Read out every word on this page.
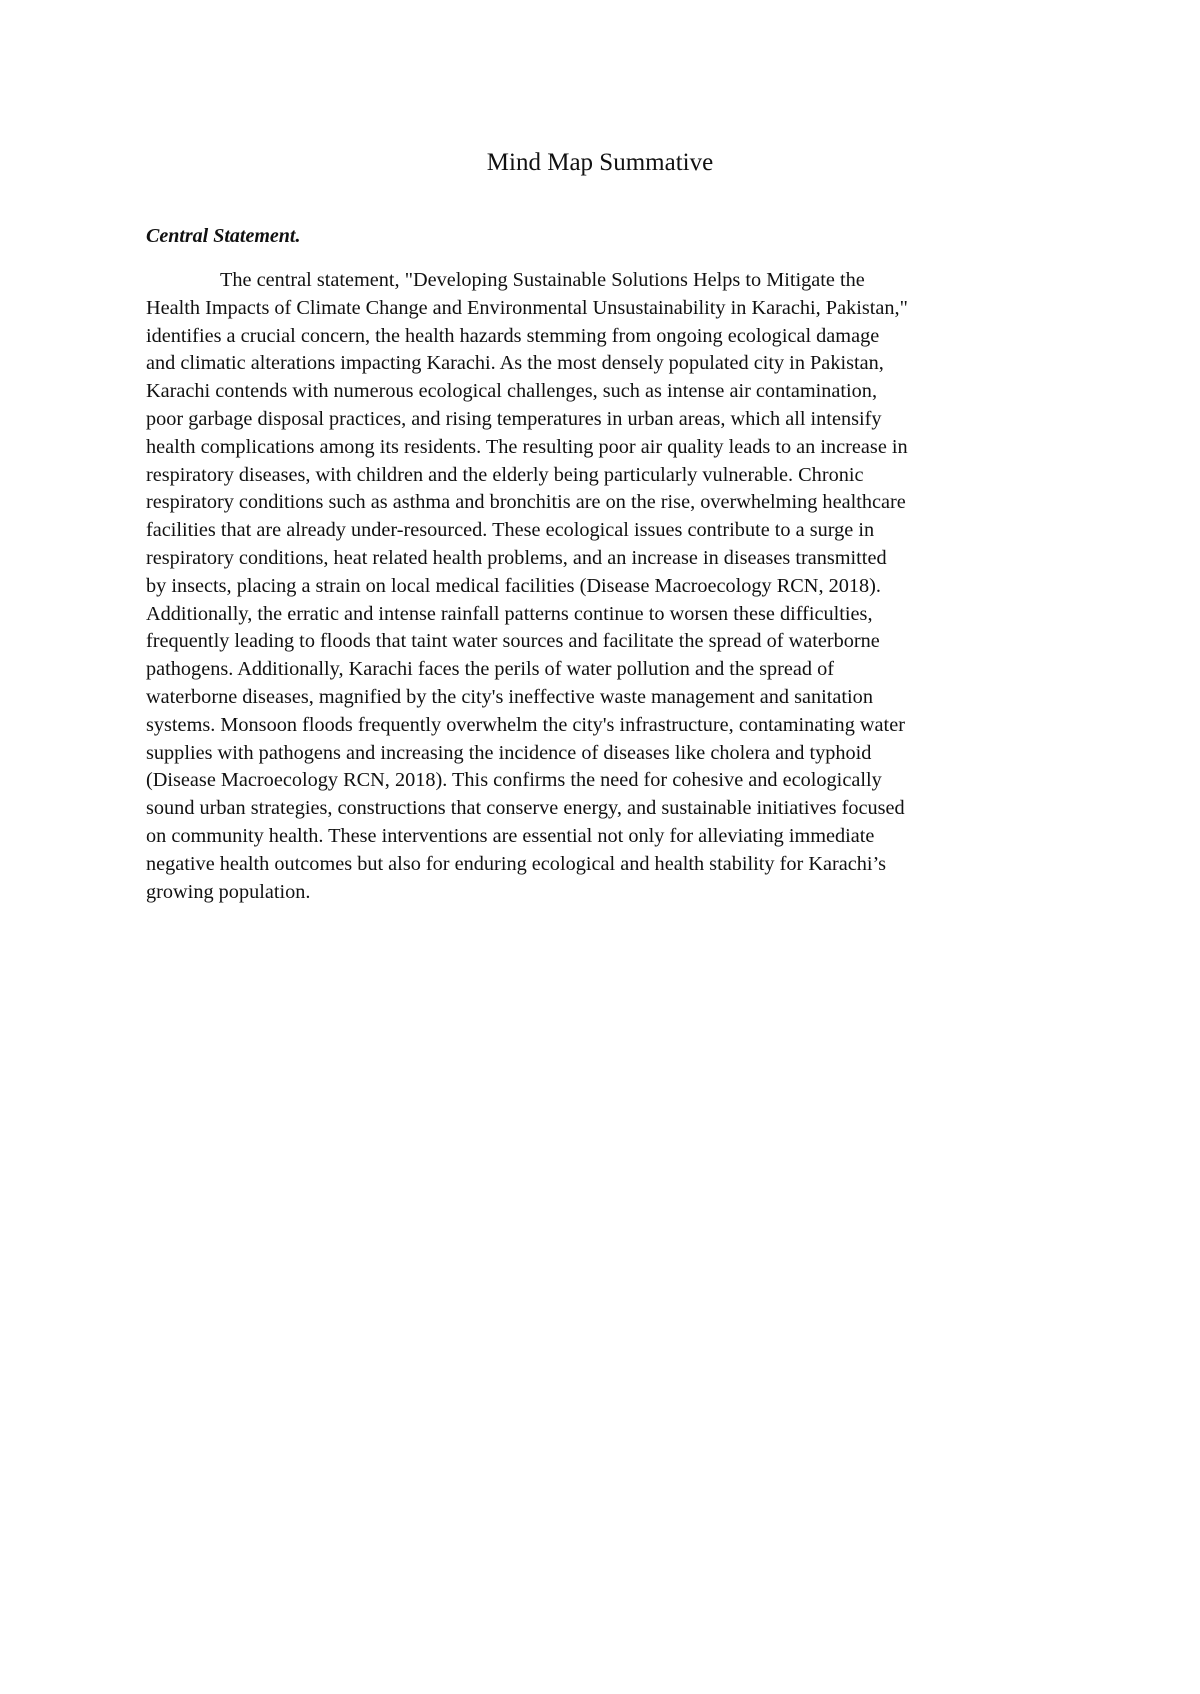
Mind Map Summative
Central Statement.
The central statement, "Developing Sustainable Solutions Helps to Mitigate the
Health Impacts of Climate Change and Environmental Unsustainability in Karachi, Pakistan,"
identifies a crucial concern, the health hazards stemming from ongoing ecological damage
and climatic alterations impacting Karachi. As the most densely populated city in Pakistan,
Karachi contends with numerous ecological challenges, such as intense air contamination,
poor garbage disposal practices, and rising temperatures in urban areas, which all intensify
health complications among its residents. The resulting poor air quality leads to an increase in
respiratory diseases, with children and the elderly being particularly vulnerable. Chronic
respiratory conditions such as asthma and bronchitis are on the rise, overwhelming healthcare
facilities that are already under-resourced. These ecological issues contribute to a surge in
respiratory conditions, heat related health problems, and an increase in diseases transmitted
by insects, placing a strain on local medical facilities (Disease Macroecology RCN, 2018).
Additionally, the erratic and intense rainfall patterns continue to worsen these difficulties,
frequently leading to floods that taint water sources and facilitate the spread of waterborne
pathogens. Additionally, Karachi faces the perils of water pollution and the spread of
waterborne diseases, magnified by the city's ineffective waste management and sanitation
systems. Monsoon floods frequently overwhelm the city's infrastructure, contaminating water
supplies with pathogens and increasing the incidence of diseases like cholera and typhoid
(Disease Macroecology RCN, 2018). This confirms the need for cohesive and ecologically
sound urban strategies, constructions that conserve energy, and sustainable initiatives focused
on community health. These interventions are essential not only for alleviating immediate
negative health outcomes but also for enduring ecological and health stability for Karachi’s
growing population.
